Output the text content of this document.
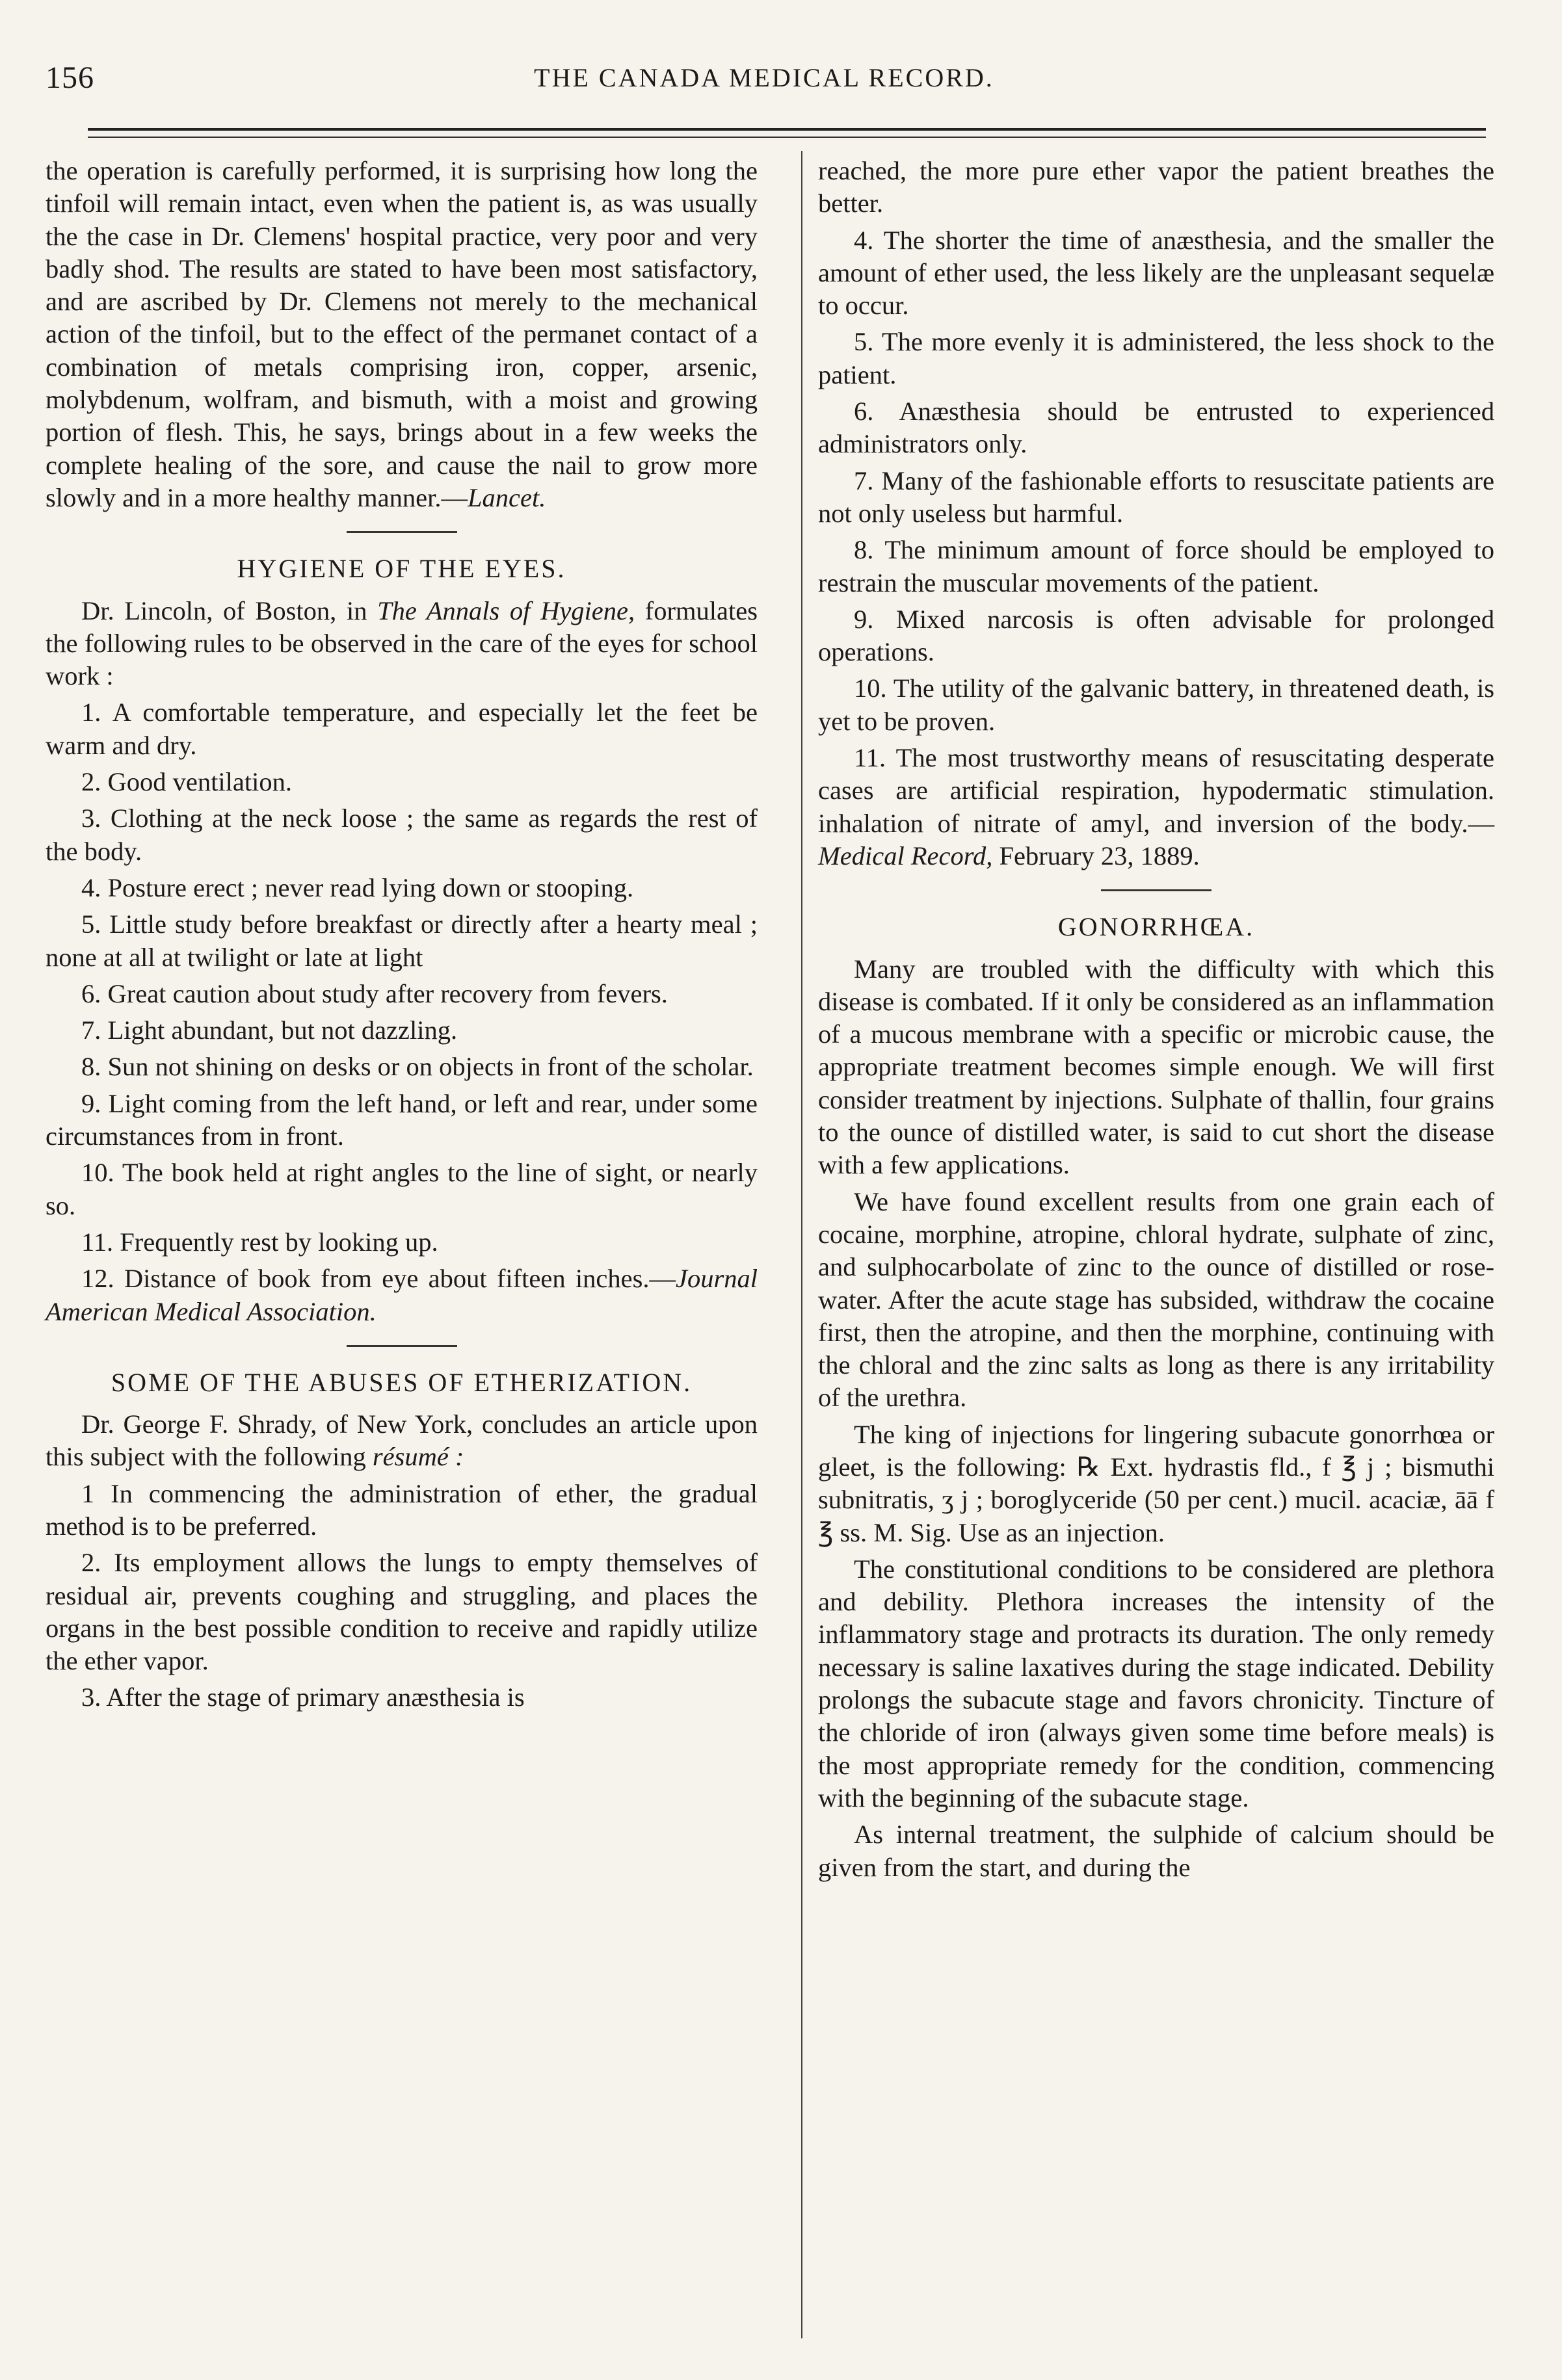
156	THE CANADA MEDICAL RECORD.

the operation is carefully performed, it is surprising how long the tinfoil will remain intact, even when the patient is, as was usually the the case in Dr. Clemens' hospital practice, very poor and very badly shod. The results are stated to have been most satisfactory, and are ascribed by Dr. Clemens not merely to the mechanical action of the tinfoil, but to the effect of the permanet contact of a combination of metals comprising iron, copper, arsenic, molybdenum, wolfram, and bismuth, with a moist and growing portion of flesh. This, he says, brings about in a few weeks the complete healing of the sore, and cause the nail to grow more slowly and in a more healthy manner.—Lancet.

HYGIENE OF THE EYES.

Dr. Lincoln, of Boston, in The Annals of Hygiene, formulates the following rules to be observed in the care of the eyes for school work :

1. A comfortable temperature, and especially let the feet be warm and dry.

2. Good ventilation.

3. Clothing at the neck loose ; the same as regards the rest of the body.

4. Posture erect ; never read lying down or stooping.

5. Little study before breakfast or directly after a hearty meal ; none at all at twilight or late at light

6. Great caution about study after recovery from fevers.

7. Light abundant, but not dazzling.

8. Sun not shining on desks or on objects in front of the scholar.

9. Light coming from the left hand, or left and rear, under some circumstances from in front.

10. The book held at right angles to the line of sight, or nearly so.

11. Frequently rest by looking up.

12. Distance of book from eye about fifteen inches.—Journal American Medical Association.

SOME OF THE ABUSES OF ETHERIZATION.

Dr. George F. Shrady, of New York, concludes an article upon this subject with the following résumé :

1 In commencing the administration of ether, the gradual method is to be preferred.

2. Its employment allows the lungs to empty themselves of residual air, prevents coughing and struggling, and places the organs in the best possible condition to receive and rapidly utilize the ether vapor.

3. After the stage of primary anæsthesia is

reached, the more pure ether vapor the patient breathes the better.

4. The shorter the time of anæsthesia, and the smaller the amount of ether used, the less likely are the unpleasant sequelæ to occur.

5. The more evenly it is administered, the less shock to the patient.

6. Anæsthesia should be entrusted to experienced administrators only.

7. Many of the fashionable efforts to resuscitate patients are not only useless but harmful.

8. The minimum amount of force should be employed to restrain the muscular movements of the patient.

9. Mixed narcosis is often advisable for prolonged operations.

10. The utility of the galvanic battery, in threatened death, is yet to be proven.

11. The most trustworthy means of resuscitating desperate cases are artificial respiration, hypodermatic stimulation. inhalation of nitrate of amyl, and inversion of the body.—Medical Record, February 23, 1889.

GONORRHŒA.

Many are troubled with the difficulty with which this disease is combated. If it only be considered as an inflammation of a mucous membrane with a specific or microbic cause, the appropriate treatment becomes simple enough. We will first consider treatment by injections. Sulphate of thallin, four grains to the ounce of distilled water, is said to cut short the disease with a few applications.

We have found excellent results from one grain each of cocaine, morphine, atropine, chloral hydrate, sulphate of zinc, and sulphocarbolate of zinc to the ounce of distilled or rose-water. After the acute stage has subsided, withdraw the cocaine first, then the atropine, and then the morphine, continuing with the chloral and the zinc salts as long as there is any irritability of the urethra.

The king of injections for lingering subacute gonorrhœa or gleet, is the following: ℞ Ext. hydrastis fld., f ℥ j ; bismuthi subnitratis, ʒ j ; boroglyceride (50 per cent.) mucil. acaciæ, āā f ℥ ss. M. Sig. Use as an injection.

The constitutional conditions to be considered are plethora and debility. Plethora increases the intensity of the inflammatory stage and protracts its duration. The only remedy necessary is saline laxatives during the stage indicated. Debility prolongs the subacute stage and favors chronicity. Tincture of the chloride of iron (always given some time before meals) is the most appropriate remedy for the condition, commencing with the beginning of the subacute stage.

As internal treatment, the sulphide of calcium should be given from the start, and during the
